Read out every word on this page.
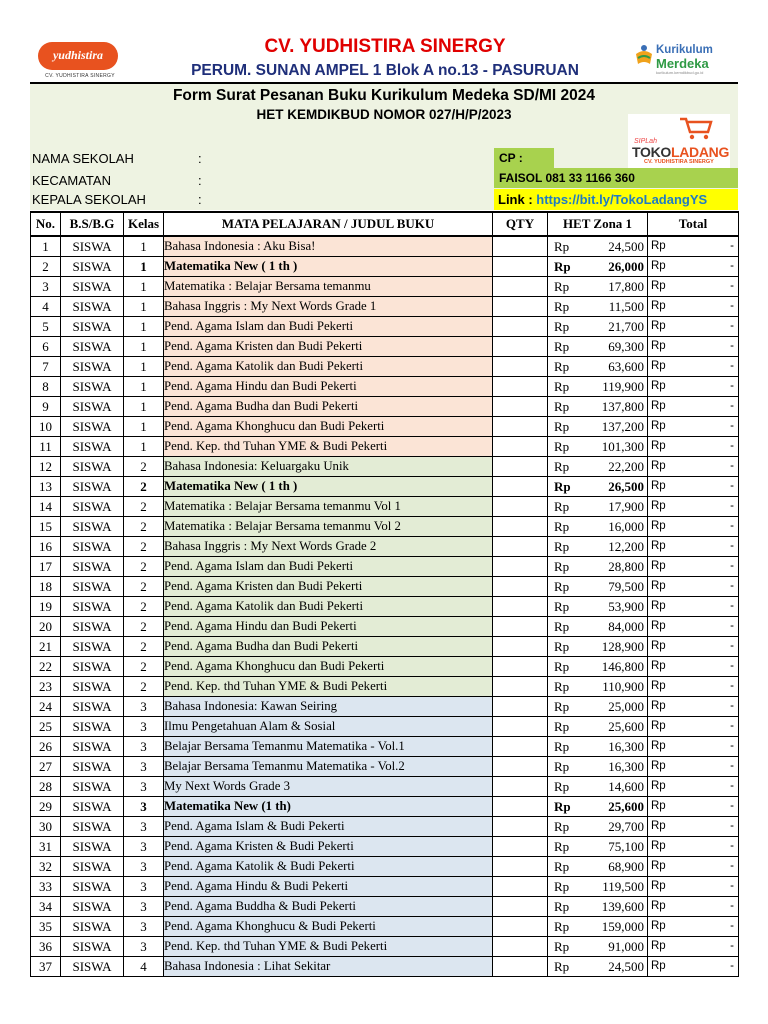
yudhistira
CV. YUDHISTIRA SINERGY
CV. YUDHISTIRA SINERGY
PERUM. SUNAN AMPEL 1 Blok A no.13 - PASURUAN
Kurikulum
Merdeka
kurikulum.kemdikbud.go.id
Form Surat Pesanan Buku Kurikulum Medeka SD/MI 2024
HET KEMDIKBUD NOMOR 027/H/P/2023
SIPLah
TOKOLADANG
CV. YUDHISTIRA SINERGY
NAMA SEKOLAH	:
KECAMATAN	:
KEPALA SEKOLAH	:
CP :
FAISOL 081 33 1166 360
Link : https://bit.ly/TokoLadangYS
No.	B.S/B.G	Kelas	MATA PELAJARAN / JUDUL BUKU	QTY	HET Zona 1	Total
1	SISWA	1	Bahasa Indonesia : Aku Bisa!		Rp 24,500	Rp -

2	SISWA	1	Matematika New ( 1 th )		Rp 26,000	Rp -

3	SISWA	1	Matematika : Belajar Bersama temanmu		Rp 17,800	Rp -

4	SISWA	1	Bahasa Inggris : My Next Words Grade 1		Rp 11,500	Rp -

5	SISWA	1	Pend. Agama Islam dan Budi Pekerti		Rp 21,700	Rp -

6	SISWA	1	Pend. Agama Kristen dan Budi Pekerti		Rp 69,300	Rp -

7	SISWA	1	Pend. Agama Katolik dan Budi Pekerti		Rp 63,600	Rp -

8	SISWA	1	Pend. Agama Hindu dan Budi Pekerti		Rp 119,900	Rp -

9	SISWA	1	Pend. Agama Budha dan Budi Pekerti		Rp 137,800	Rp -

10	SISWA	1	Pend. Agama Khonghucu dan Budi Pekerti		Rp 137,200	Rp -

11	SISWA	1	Pend. Kep. thd Tuhan YME & Budi Pekerti		Rp 101,300	Rp -

12	SISWA	2	Bahasa Indonesia: Keluargaku Unik		Rp 22,200	Rp -

13	SISWA	2	Matematika New ( 1 th )		Rp 26,500	Rp -

14	SISWA	2	Matematika : Belajar Bersama temanmu Vol 1		Rp 17,900	Rp -

15	SISWA	2	Matematika : Belajar Bersama temanmu Vol 2		Rp 16,000	Rp -

16	SISWA	2	Bahasa Inggris : My Next Words Grade 2		Rp 12,200	Rp -

17	SISWA	2	Pend. Agama Islam dan Budi Pekerti		Rp 28,800	Rp -

18	SISWA	2	Pend. Agama Kristen dan Budi Pekerti		Rp 79,500	Rp -

19	SISWA	2	Pend. Agama Katolik dan Budi Pekerti		Rp 53,900	Rp -

20	SISWA	2	Pend. Agama Hindu dan Budi Pekerti		Rp 84,000	Rp -

21	SISWA	2	Pend. Agama Budha dan Budi Pekerti		Rp 128,900	Rp -

22	SISWA	2	Pend. Agama Khonghucu dan Budi Pekerti		Rp 146,800	Rp -

23	SISWA	2	Pend. Kep. thd Tuhan YME & Budi Pekerti		Rp 110,900	Rp -

24	SISWA	3	Bahasa Indonesia: Kawan Seiring		Rp 25,000	Rp -

25	SISWA	3	Ilmu Pengetahuan Alam & Sosial		Rp 25,600	Rp -

26	SISWA	3	Belajar Bersama Temanmu Matematika - Vol.1		Rp 16,300	Rp -

27	SISWA	3	Belajar Bersama Temanmu Matematika - Vol.2		Rp 16,300	Rp -

28	SISWA	3	My Next Words Grade 3		Rp 14,600	Rp -

29	SISWA	3	Matematika New (1 th)		Rp 25,600	Rp -

30	SISWA	3	Pend. Agama Islam & Budi Pekerti		Rp 29,700	Rp -

31	SISWA	3	Pend. Agama Kristen & Budi Pekerti		Rp 75,100	Rp -

32	SISWA	3	Pend. Agama Katolik & Budi Pekerti		Rp 68,900	Rp -

33	SISWA	3	Pend. Agama Hindu & Budi Pekerti		Rp 119,500	Rp -

34	SISWA	3	Pend. Agama Buddha & Budi Pekerti		Rp 139,600	Rp -

35	SISWA	3	Pend. Agama Khonghucu & Budi Pekerti		Rp 159,000	Rp -

36	SISWA	3	Pend. Kep. thd Tuhan YME & Budi Pekerti		Rp 91,000	Rp -

37	SISWA	4	Bahasa Indonesia : Lihat Sekitar		Rp 24,500	Rp -
